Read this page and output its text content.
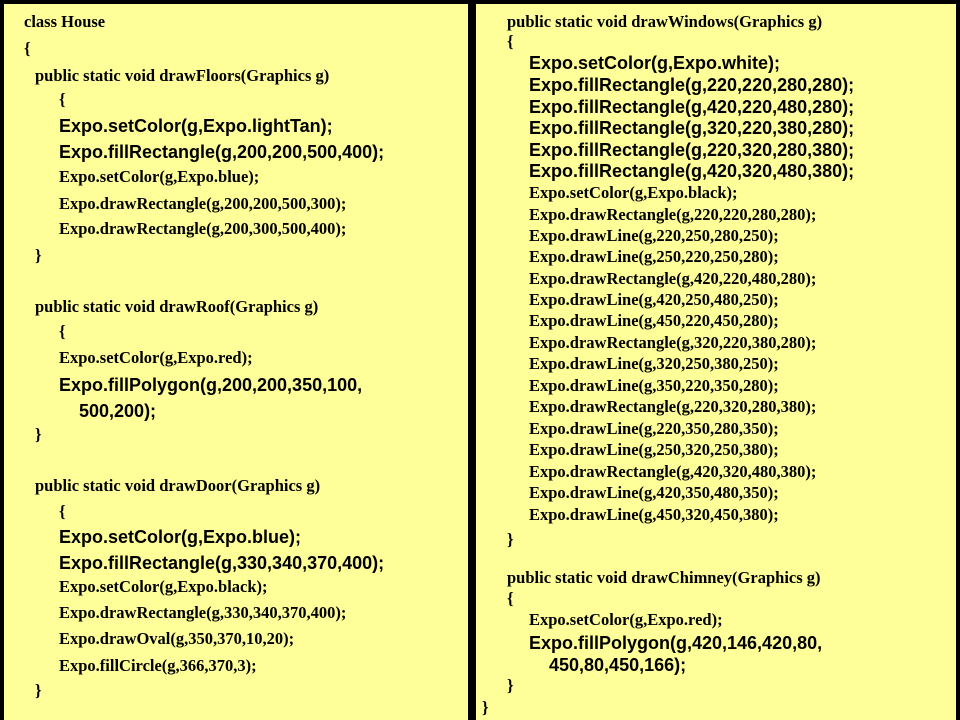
class House
{
public static void drawFloors(Graphics g)
{
Expo.setColor(g,Expo.lightTan);
Expo.fillRectangle(g,200,200,500,400);
Expo.setColor(g,Expo.blue);
Expo.drawRectangle(g,200,200,500,300);
Expo.drawRectangle(g,200,300,500,400);
}
public static void drawRoof(Graphics g)
{
Expo.setColor(g,Expo.red);
Expo.fillPolygon(g,200,200,350,100,
500,200);
}
public static void drawDoor(Graphics g)
{
Expo.setColor(g,Expo.blue);
Expo.fillRectangle(g,330,340,370,400);
Expo.setColor(g,Expo.black);
Expo.drawRectangle(g,330,340,370,400);
Expo.drawOval(g,350,370,10,20);
Expo.fillCircle(g,366,370,3);
}
public static void drawWindows(Graphics g)
{
Expo.setColor(g,Expo.white);
Expo.fillRectangle(g,220,220,280,280);
Expo.fillRectangle(g,420,220,480,280);
Expo.fillRectangle(g,320,220,380,280);
Expo.fillRectangle(g,220,320,280,380);
Expo.fillRectangle(g,420,320,480,380);
Expo.setColor(g,Expo.black);
Expo.drawRectangle(g,220,220,280,280);
Expo.drawLine(g,220,250,280,250);
Expo.drawLine(g,250,220,250,280);
Expo.drawRectangle(g,420,220,480,280);
Expo.drawLine(g,420,250,480,250);
Expo.drawLine(g,450,220,450,280);
Expo.drawRectangle(g,320,220,380,280);
Expo.drawLine(g,320,250,380,250);
Expo.drawLine(g,350,220,350,280);
Expo.drawRectangle(g,220,320,280,380);
Expo.drawLine(g,220,350,280,350);
Expo.drawLine(g,250,320,250,380);
Expo.drawRectangle(g,420,320,480,380);
Expo.drawLine(g,420,350,480,350);
Expo.drawLine(g,450,320,450,380);
}
public static void drawChimney(Graphics g)
{
Expo.setColor(g,Expo.red);
Expo.fillPolygon(g,420,146,420,80,
450,80,450,166);
}
}
